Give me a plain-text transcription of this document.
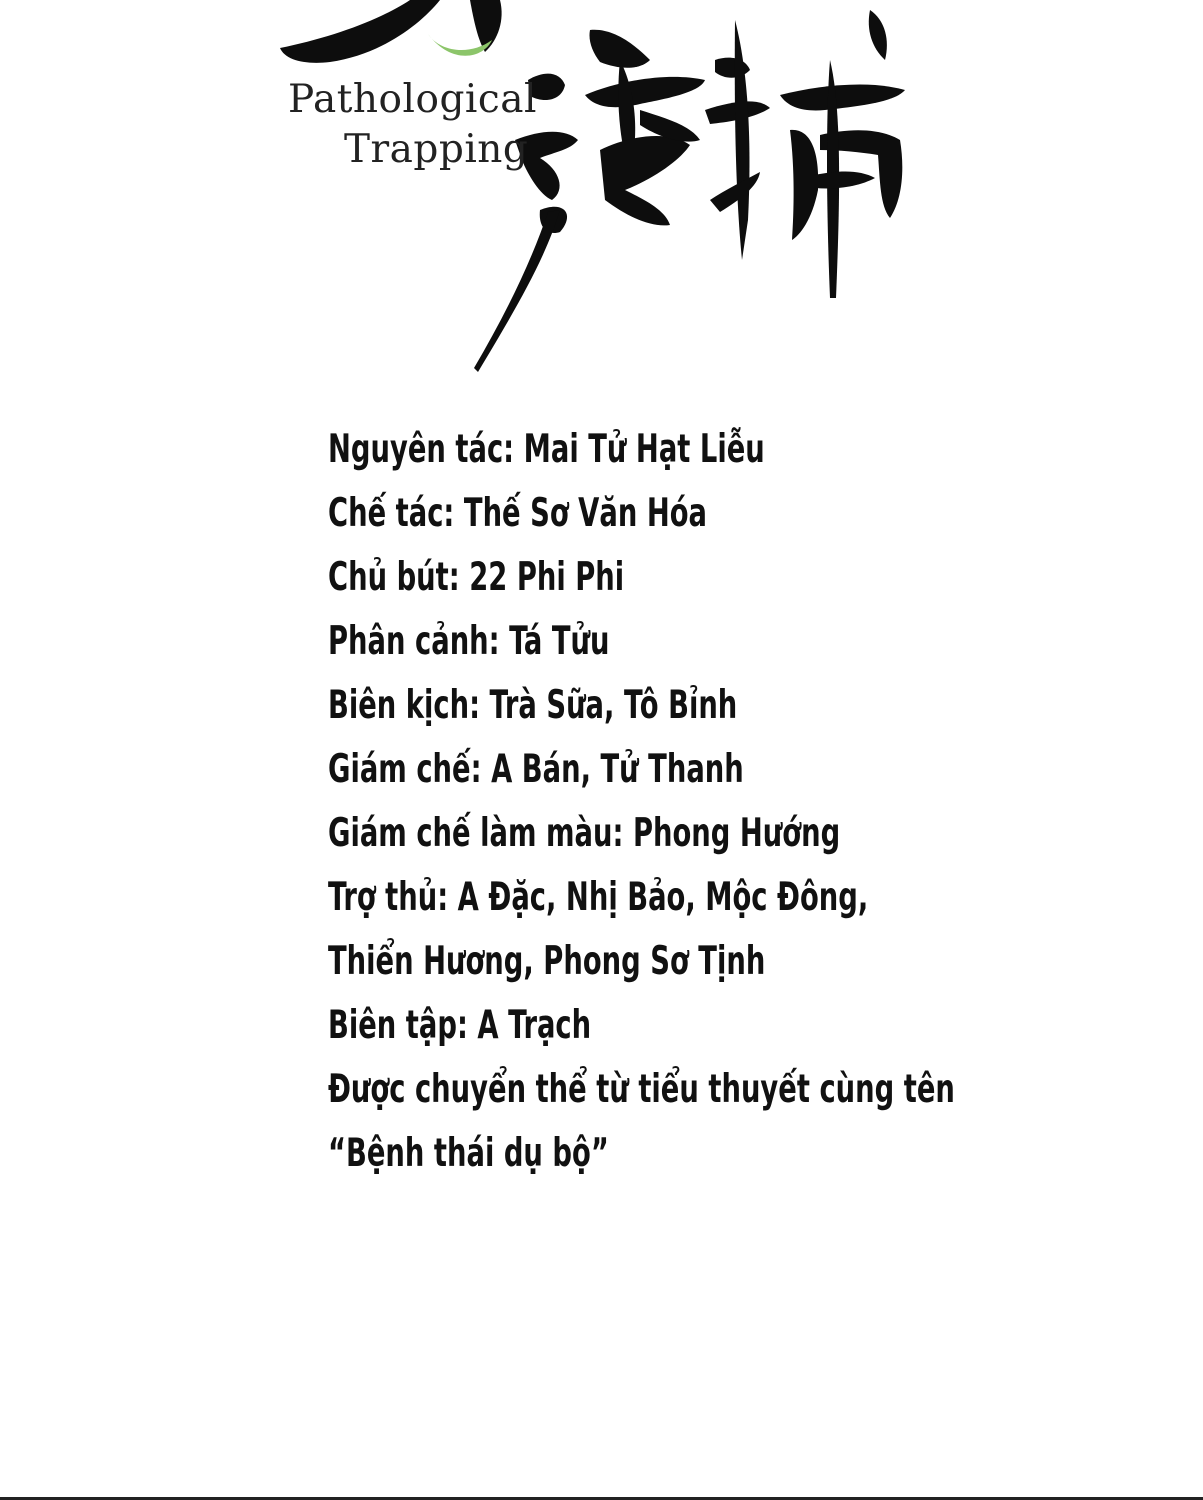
Pathological
Trapping
Nguyên tác: Mai Tử Hạt Liễu
Chế tác: Thế Sơ Văn Hóa
Chủ bút: 22 Phi Phi
Phân cảnh: Tá Tửu
Biên kịch: Trà Sữa, Tô Bỉnh
Giám chế: A Bán, Tử Thanh
Giám chế làm màu: Phong Hướng
Trợ thủ: A Đặc, Nhị Bảo, Mộc Đông,
Thiển Hương, Phong Sơ Tịnh
Biên tập: A Trạch
Được chuyển thể từ tiểu thuyết cùng tên
“Bệnh thái dụ bộ”
